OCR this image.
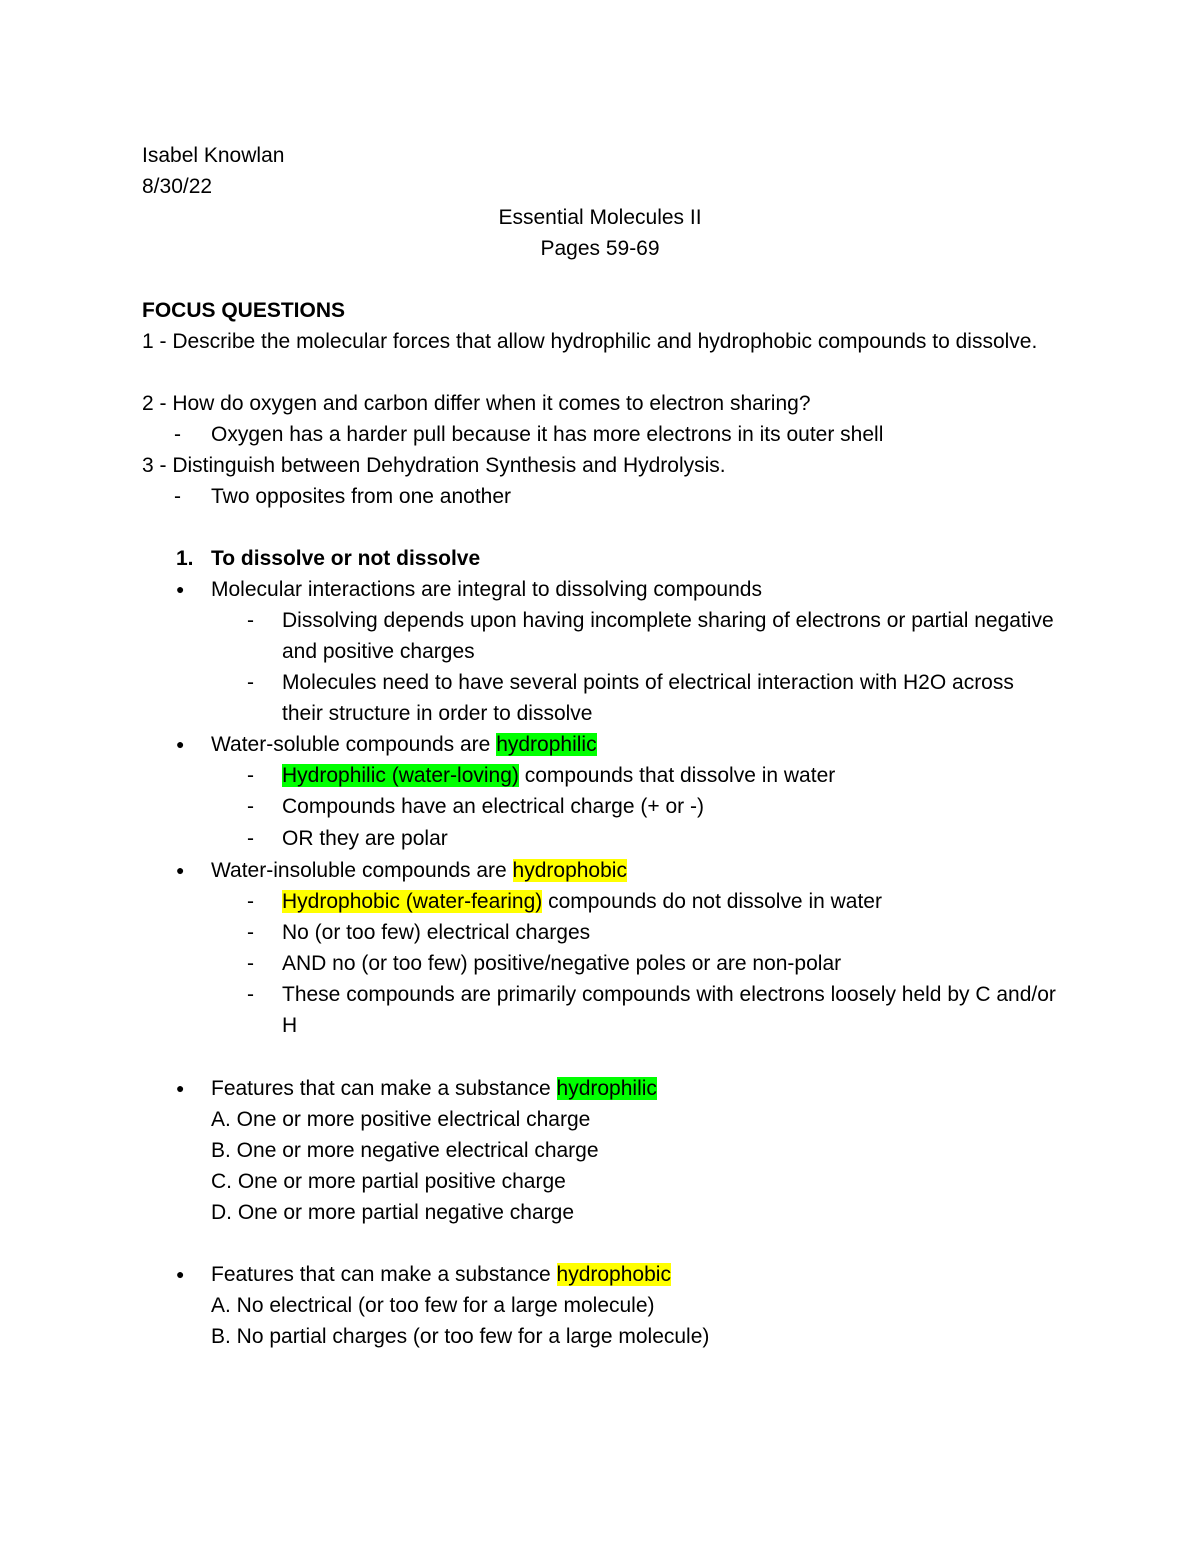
Isabel Knowlan
8/30/22
Essential Molecules II
Pages 59-69
FOCUS QUESTIONS
1 - Describe the molecular forces that allow hydrophilic and hydrophobic compounds to dissolve.
2 - How do oxygen and carbon differ when it comes to electron sharing?
- Oxygen has a harder pull because it has more electrons in its outer shell
3 - Distinguish between Dehydration Synthesis and Hydrolysis.
- Two opposites from one another
1. To dissolve or not dissolve
● Molecular interactions are integral to dissolving compounds
- Dissolving depends upon having incomplete sharing of electrons or partial negative and positive charges
- Molecules need to have several points of electrical interaction with H2O across their structure in order to dissolve
● Water-soluble compounds are hydrophilic
- Hydrophilic (water-loving) compounds that dissolve in water
- Compounds have an electrical charge (+ or -)
- OR they are polar
● Water-insoluble compounds are hydrophobic
- Hydrophobic (water-fearing) compounds do not dissolve in water
- No (or too few) electrical charges
- AND no (or too few) positive/negative poles or are non-polar
- These compounds are primarily compounds with electrons loosely held by C and/or H
● Features that can make a substance hydrophilic
A. One or more positive electrical charge
B. One or more negative electrical charge
C. One or more partial positive charge
D. One or more partial negative charge
● Features that can make a substance hydrophobic
A. No electrical (or too few for a large molecule)
B. No partial charges (or too few for a large molecule)
